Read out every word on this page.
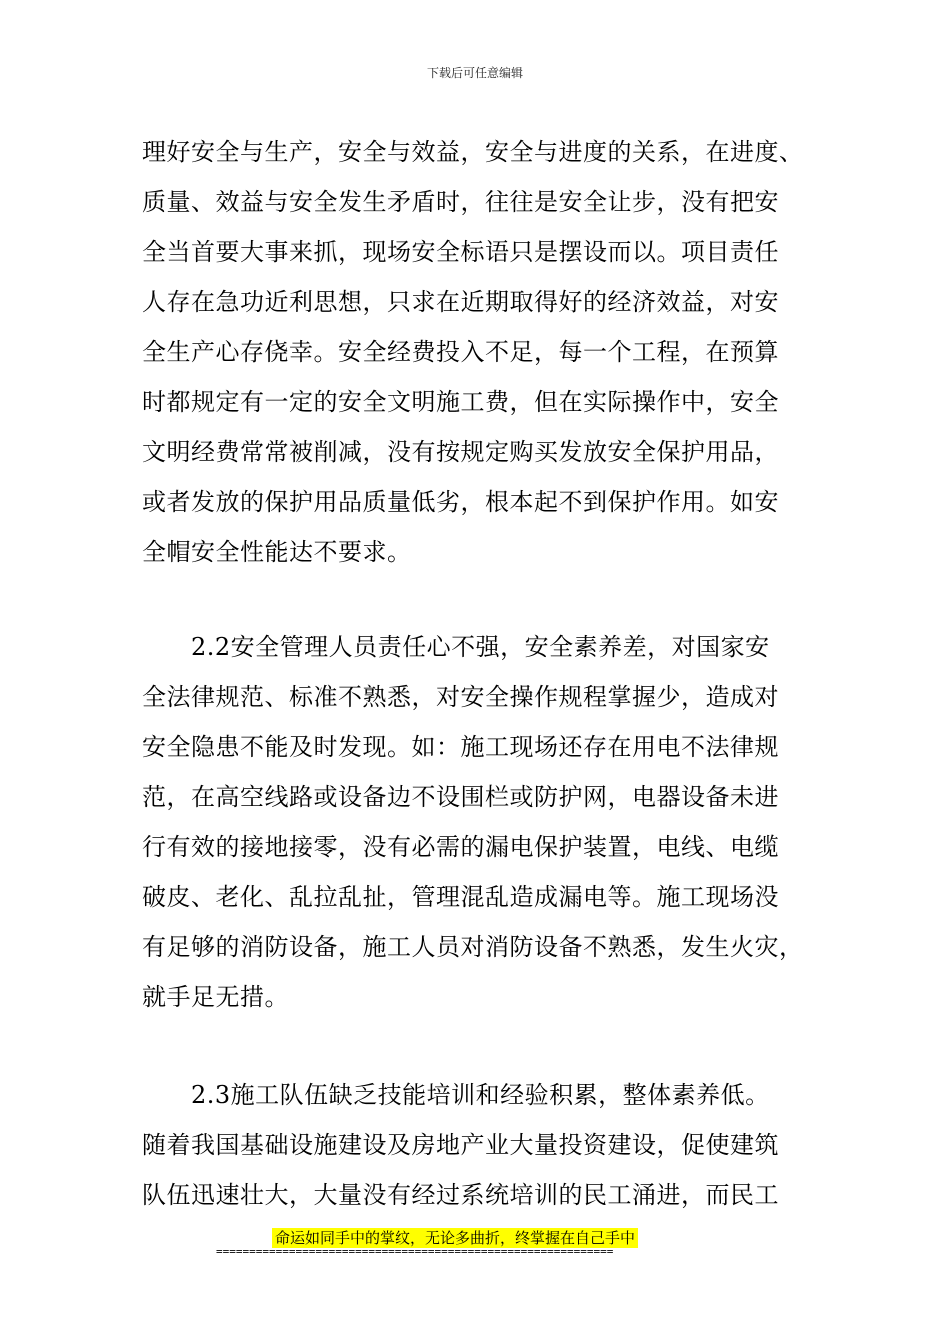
下载后可任意编辑
理好安全与生产，安全与效益，安全与进度的关系，在进度、
质量、效益与安全发生矛盾时，往往是安全让步，没有把安
全当首要大事来抓，现场安全标语只是摆设而以。项目责任
人存在急功近利思想，只求在近期取得好的经济效益，对安
全生产心存侥幸。安全经费投入不足，每一个工程，在预算
时都规定有一定的安全文明施工费，但在实际操作中，安全
文明经费常常被削减，没有按规定购买发放安全保护用品，
或者发放的保护用品质量低劣，根本起不到保护作用。如安
全帽安全性能达不要求。
2.2安全管理人员责任心不强，安全素养差，对国家安
全法律规范、标准不熟悉，对安全操作规程掌握少，造成对
安全隐患不能及时发现。如：施工现场还存在用电不法律规
范，在高空线路或设备边不设围栏或防护网，电器设备未进
行有效的接地接零，没有必需的漏电保护装置，电线、电缆
破皮、老化、乱拉乱扯，管理混乱造成漏电等。施工现场没
有足够的消防设备，施工人员对消防设备不熟悉，发生火灾，
就手足无措。
2.3施工队伍缺乏技能培训和经验积累，整体素养低。
随着我国基础设施建设及房地产业大量投资建设，促使建筑
队伍迅速壮大，大量没有经过系统培训的民工涌进，而民工
命运如同手中的掌纹，无论多曲折，终掌握在自己手中
============================================================
